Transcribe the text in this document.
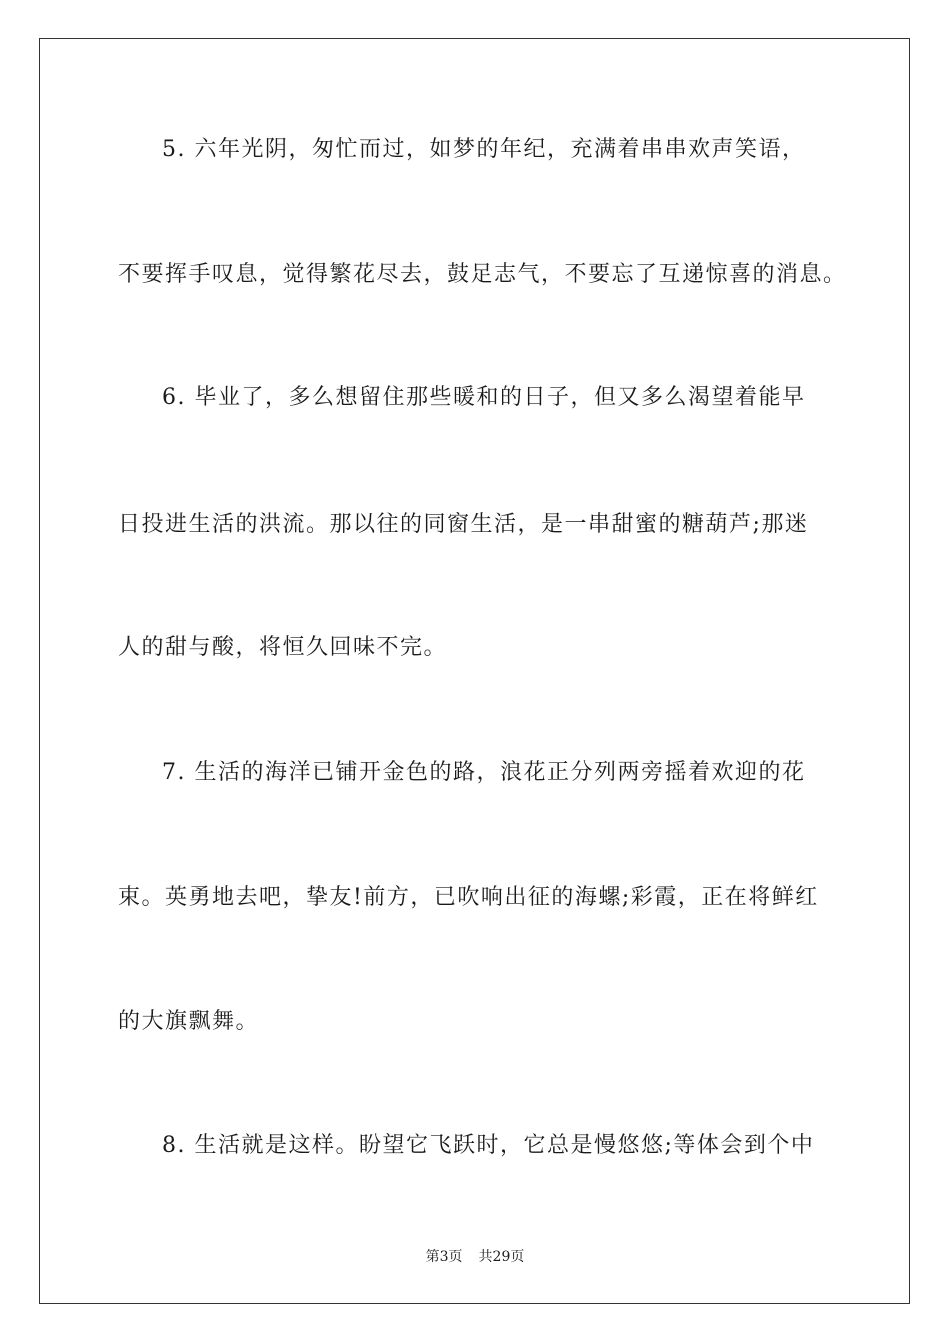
5. 六年光阴，匆忙而过，如梦的年纪，充满着串串欢声笑语，
不要挥手叹息，觉得繁花尽去，鼓足志气，不要忘了互递惊喜的消息。
6. 毕业了，多么想留住那些暖和的日子，但又多么渴望着能早
日投进生活的洪流。那以往的同窗生活，是一串甜蜜的糖葫芦;那迷
人的甜与酸，将恒久回味不完。
7. 生活的海洋已铺开金色的路，浪花正分列两旁摇着欢迎的花
束。英勇地去吧，挚友!前方，已吹响出征的海螺;彩霞，正在将鲜红
的大旗飘舞。
8. 生活就是这样。盼望它飞跃时，它总是慢悠悠;等体会到个中
第3页 共29页
